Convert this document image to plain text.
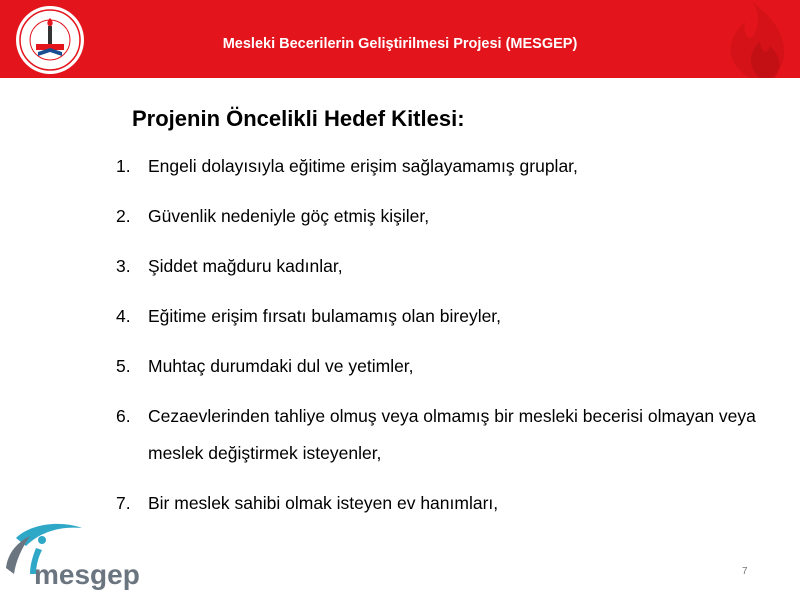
Mesleki Becerilerin Geliştirilmesi Projesi (MESGEP)
Projenin Öncelikli Hedef Kitlesi:
1. Engeli dolayısıyla eğitime erişim sağlayamamış gruplar,
2. Güvenlik nedeniyle göç etmiş kişiler,
3. Şiddet mağduru kadınlar,
4. Eğitime erişim fırsatı bulamamış olan bireyler,
5. Muhtaç durumdaki dul ve yetimler,
6. Cezaevlerinden tahliye olmuş veya olmamış bir mesleki becerisi olmayan veya meslek değiştirmek isteyenler,
7. Bir meslek sahibi olmak isteyen ev hanımları,
mesgep	7
